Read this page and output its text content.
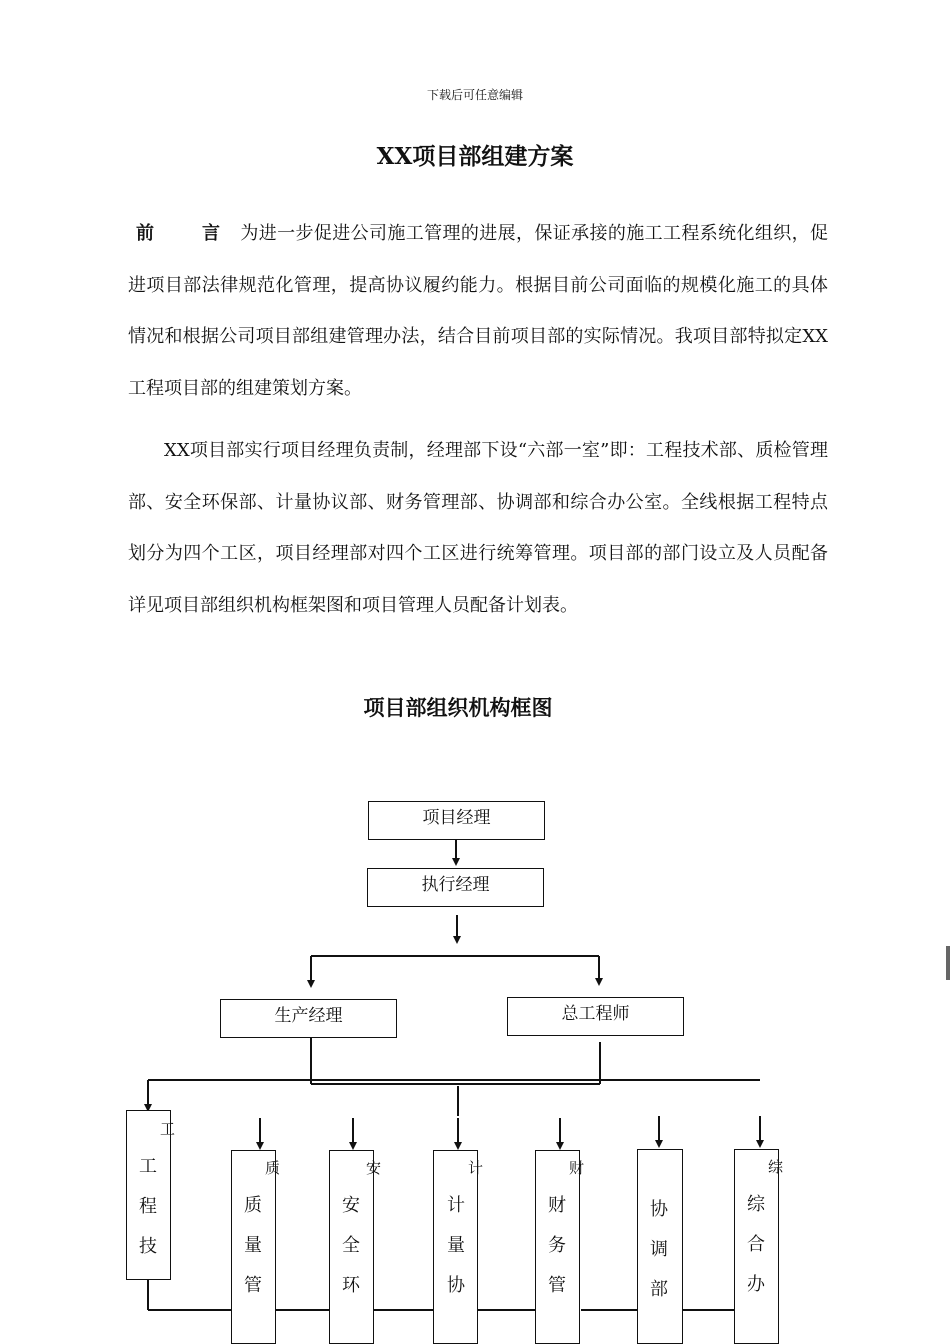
下载后可任意编辑
XX项目部组建方案

前	言 为进一步促进公司施工管理的进展，保证承接的施工工程系统化组织，促进项目部法律规范化管理，提高协议履约能力。根据目前公司面临的规模化施工的具体情况和根据公司项目部组建管理办法，结合目前项目部的实际情况。我项目部特拟定XX工程项目部的组建策划方案。

XX项目部实行项目经理负责制，经理部下设“六部一室”即：工程技术部、质检管理部、安全环保部、计量协议部、财务管理部、协调部和综合办公室。全线根据工程特点划分为四个工区，项目经理部对四个工区进行统筹管理。项目部的部门设立及人员配备详见项目部组织机构框架图和项目管理人员配备计划表。

项目部组织机构框图
项目经理
执行经理
生产经理	总工程师
工
工
程
技
质
质
量
管
安
安
全
环
计
计
量
协
财
财
务
管
协
调
部
综
综
合
办
